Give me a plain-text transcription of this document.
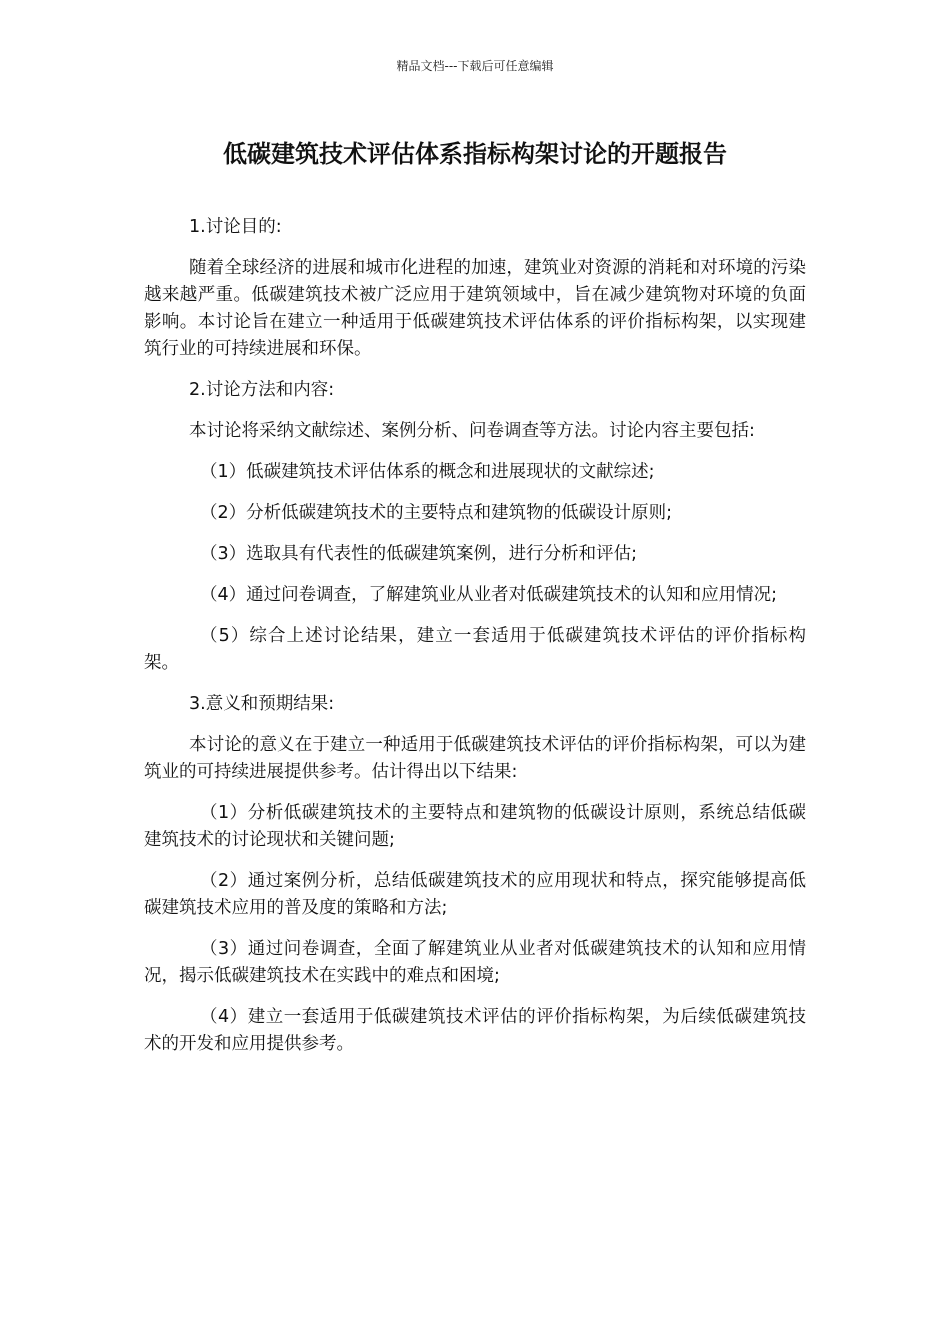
精品文档---下载后可任意编辑
低碳建筑技术评估体系指标构架讨论的开题报告

1.讨论目的:

随着全球经济的进展和城市化进程的加速，建筑业对资源的消耗和对环境的污染越来越严重。低碳建筑技术被广泛应用于建筑领域中，旨在减少建筑物对环境的负面影响。本讨论旨在建立一种适用于低碳建筑技术评估体系的评价指标构架，以实现建筑行业的可持续进展和环保。

2.讨论方法和内容:

本讨论将采纳文献综述、案例分析、问卷调查等方法。讨论内容主要包括:

（1）低碳建筑技术评估体系的概念和进展现状的文献综述;

（2）分析低碳建筑技术的主要特点和建筑物的低碳设计原则;

（3）选取具有代表性的低碳建筑案例，进行分析和评估;

（4）通过问卷调查，了解建筑业从业者对低碳建筑技术的认知和应用情况;

（5）综合上述讨论结果，建立一套适用于低碳建筑技术评估的评价指标构架。

3.意义和预期结果:

本讨论的意义在于建立一种适用于低碳建筑技术评估的评价指标构架，可以为建筑业的可持续进展提供参考。估计得出以下结果:

（1）分析低碳建筑技术的主要特点和建筑物的低碳设计原则，系统总结低碳建筑技术的讨论现状和关键问题;

（2）通过案例分析，总结低碳建筑技术的应用现状和特点，探究能够提高低碳建筑技术应用的普及度的策略和方法;

（3）通过问卷调查，全面了解建筑业从业者对低碳建筑技术的认知和应用情况，揭示低碳建筑技术在实践中的难点和困境;

（4）建立一套适用于低碳建筑技术评估的评价指标构架，为后续低碳建筑技术的开发和应用提供参考。
